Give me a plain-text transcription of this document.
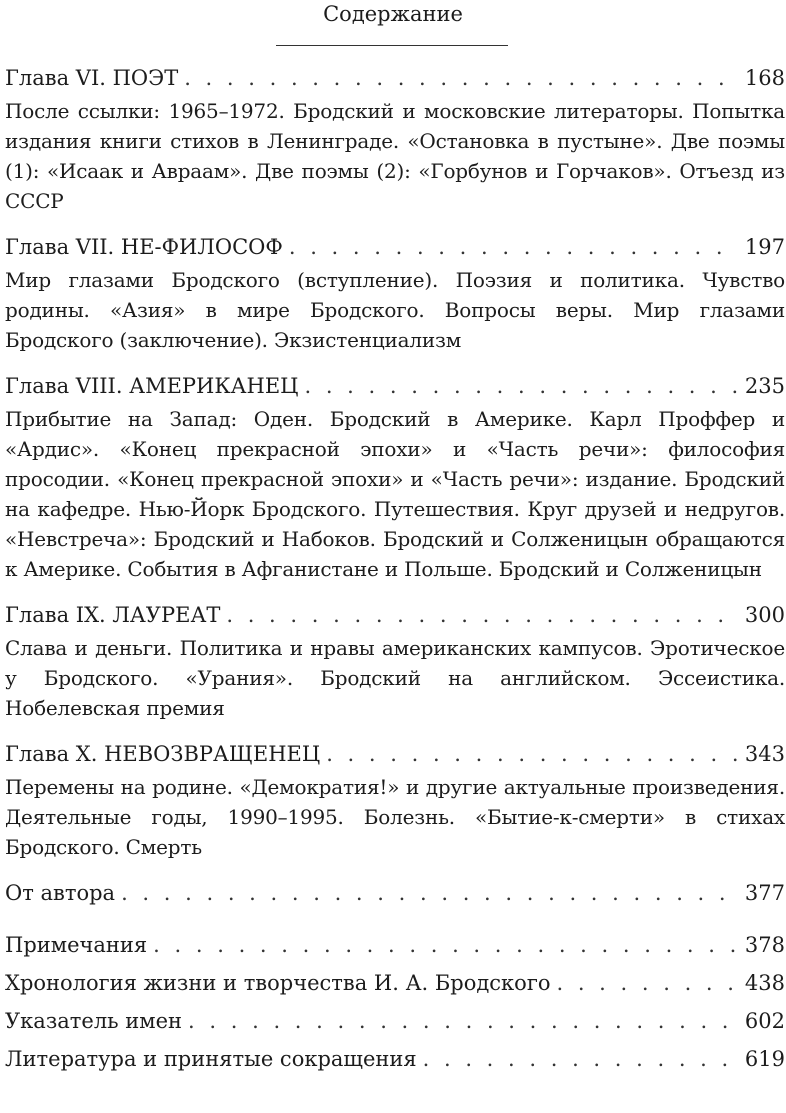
Содержание
Глава VI. ПОЭТ . . .	168
После ссылки: 1965–1972. Бродский и московские литераторы. Попытка издания книги стихов в Ленинграде. «Остановка в пустыне». Две поэмы (1): «Исаак и Авраам». Две поэмы (2): «Горбунов и Горчаков». Отъезд из СССР
Глава VII. НЕ-ФИЛОСОФ . . .	197
Мир глазами Бродского (вступление). Поэзия и политика. Чувство родины. «Азия» в мире Бродского. Вопросы веры. Мир глазами Бродского (заключение). Экзистенциализм
Глава VIII. АМЕРИКАНЕЦ . . .	235
Прибытие на Запад: Оден. Бродский в Америке. Карл Проффер и «Ардис». «Конец прекрасной эпохи» и «Часть речи»: философия просодии. «Конец прекрасной эпохи» и «Часть речи»: издание. Бродский на кафедре. Нью-Йорк Бродского. Путешествия. Круг друзей и недругов. «Невстреча»: Бродский и Набоков. Бродский и Солженицын обращаются к Америке. События в Афганистане и Польше. Бродский и Солженицын
Глава IX. ЛАУРЕАТ . . .	300
Слава и деньги. Политика и нравы американских кампусов. Эротическое у Бродского. «Урания». Бродский на английском. Эссеистика. Нобелевская премия
Глава X. НЕВОЗВРАЩЕНЕЦ . . .	343
Перемены на родине. «Демократия!» и другие актуальные произведения. Деятельные годы, 1990–1995. Болезнь. «Бытие-к-смерти» в стихах Бродского. Смерть
От автора . . .	377
Примечания . . .	378
Хронология жизни и творчества И. А. Бродского . . .	438
Указатель имен . . .	602
Литература и принятые сокращения . . .	619
